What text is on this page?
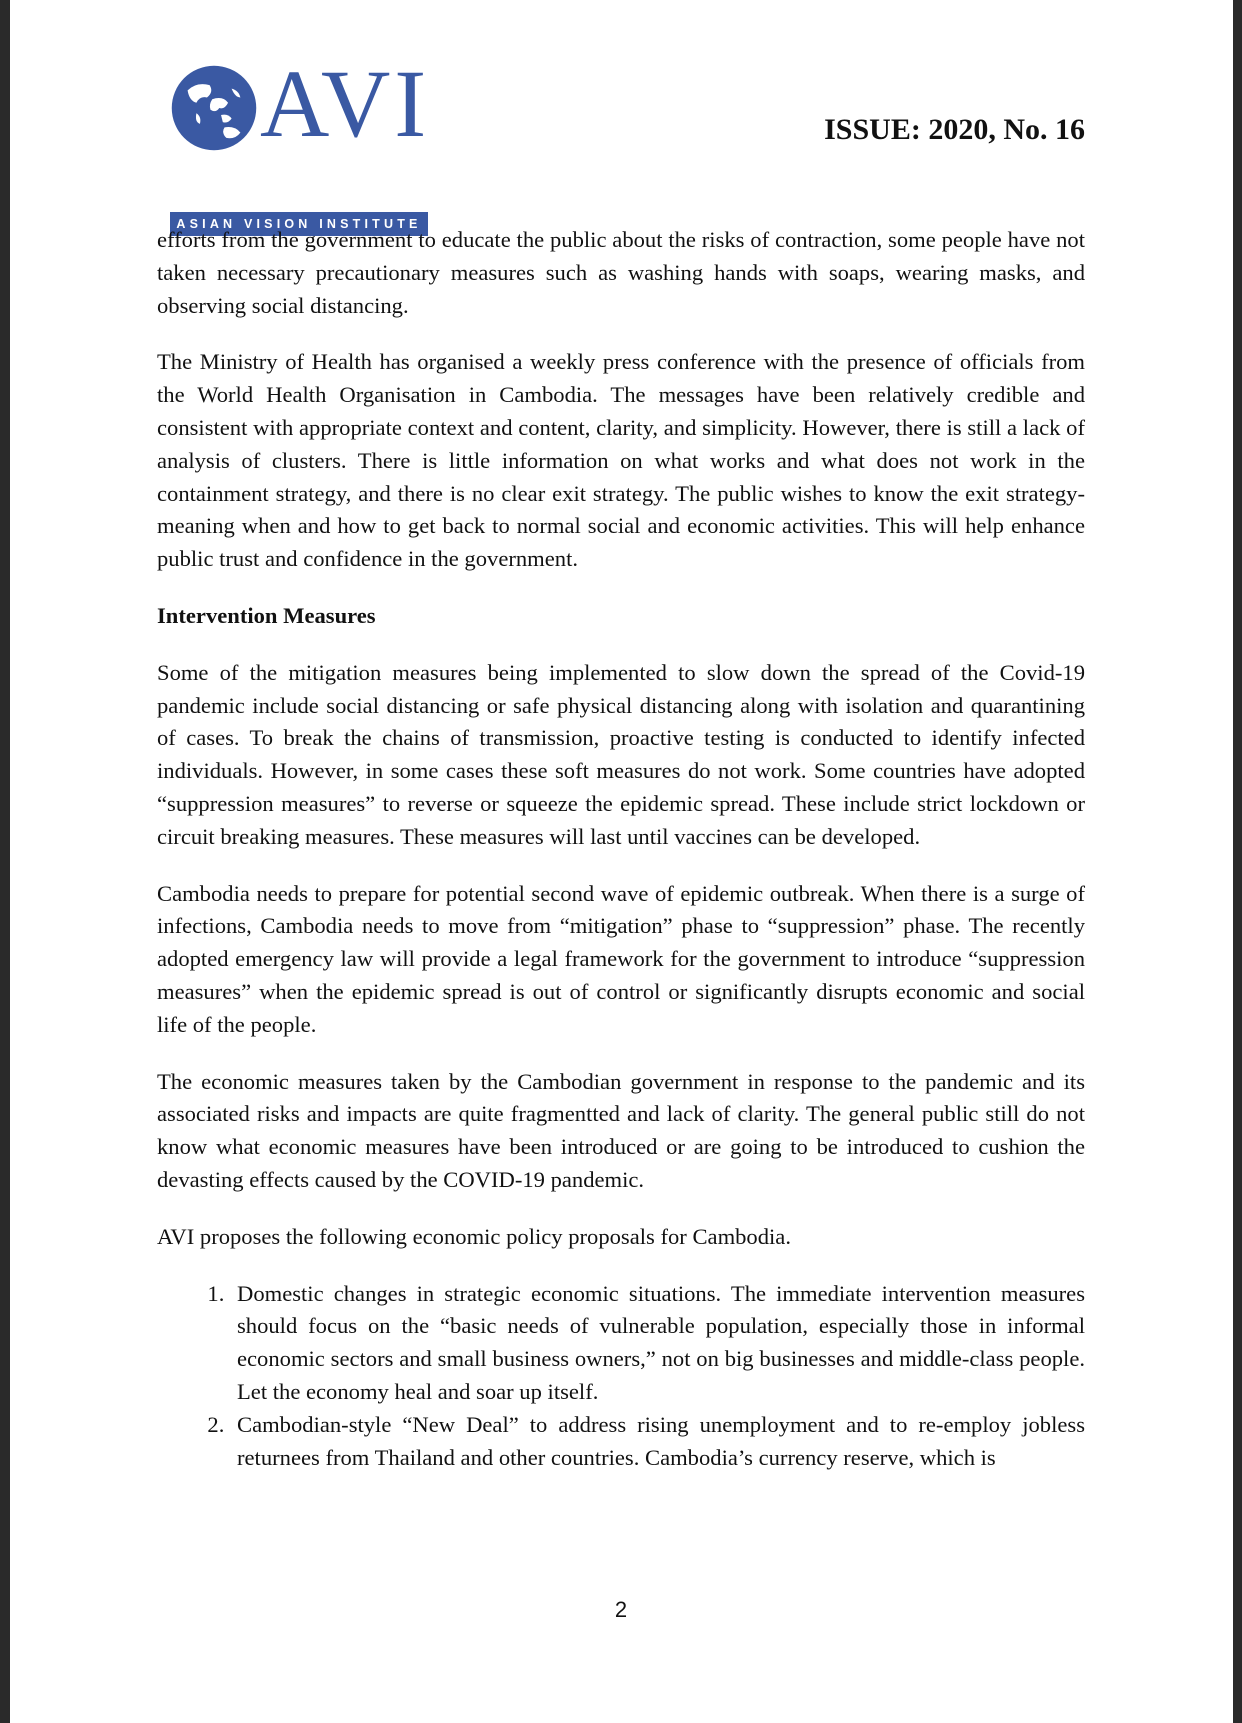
AVI
ASIAN VISION INSTITUTE
ISSUE: 2020, No. 16

efforts from the government to educate the public about the risks of contraction, some people have not taken necessary precautionary measures such as washing hands with soaps, wearing masks, and observing social distancing.

The Ministry of Health has organised a weekly press conference with the presence of officials from the World Health Organisation in Cambodia. The messages have been relatively credible and consistent with appropriate context and content, clarity, and simplicity. However, there is still a lack of analysis of clusters. There is little information on what works and what does not work in the containment strategy, and there is no clear exit strategy. The public wishes to know the exit strategy- meaning when and how to get back to normal social and economic activities. This will help enhance public trust and confidence in the government.

Intervention Measures

Some of the mitigation measures being implemented to slow down the spread of the Covid-19 pandemic include social distancing or safe physical distancing along with isolation and quarantining of cases. To break the chains of transmission, proactive testing is conducted to identify infected individuals. However, in some cases these soft measures do not work. Some countries have adopted “suppression measures” to reverse or squeeze the epidemic spread. These include strict lockdown or circuit breaking measures. These measures will last until vaccines can be developed.

Cambodia needs to prepare for potential second wave of epidemic outbreak. When there is a surge of infections, Cambodia needs to move from “mitigation” phase to “suppression” phase. The recently adopted emergency law will provide a legal framework for the government to introduce “suppression measures” when the epidemic spread is out of control or significantly disrupts economic and social life of the people.

The economic measures taken by the Cambodian government in response to the pandemic and its associated risks and impacts are quite fragmentted and lack of clarity. The general public still do not know what economic measures have been introduced or are going to be introduced to cushion the devasting effects caused by the COVID-19 pandemic.

AVI proposes the following economic policy proposals for Cambodia.

1. Domestic changes in strategic economic situations. The immediate intervention measures should focus on the “basic needs of vulnerable population, especially those in informal economic sectors and small business owners,” not on big businesses and middle-class people. Let the economy heal and soar up itself.
2. Cambodian-style “New Deal” to address rising unemployment and to re-employ jobless returnees from Thailand and other countries. Cambodia’s currency reserve, which is
2
